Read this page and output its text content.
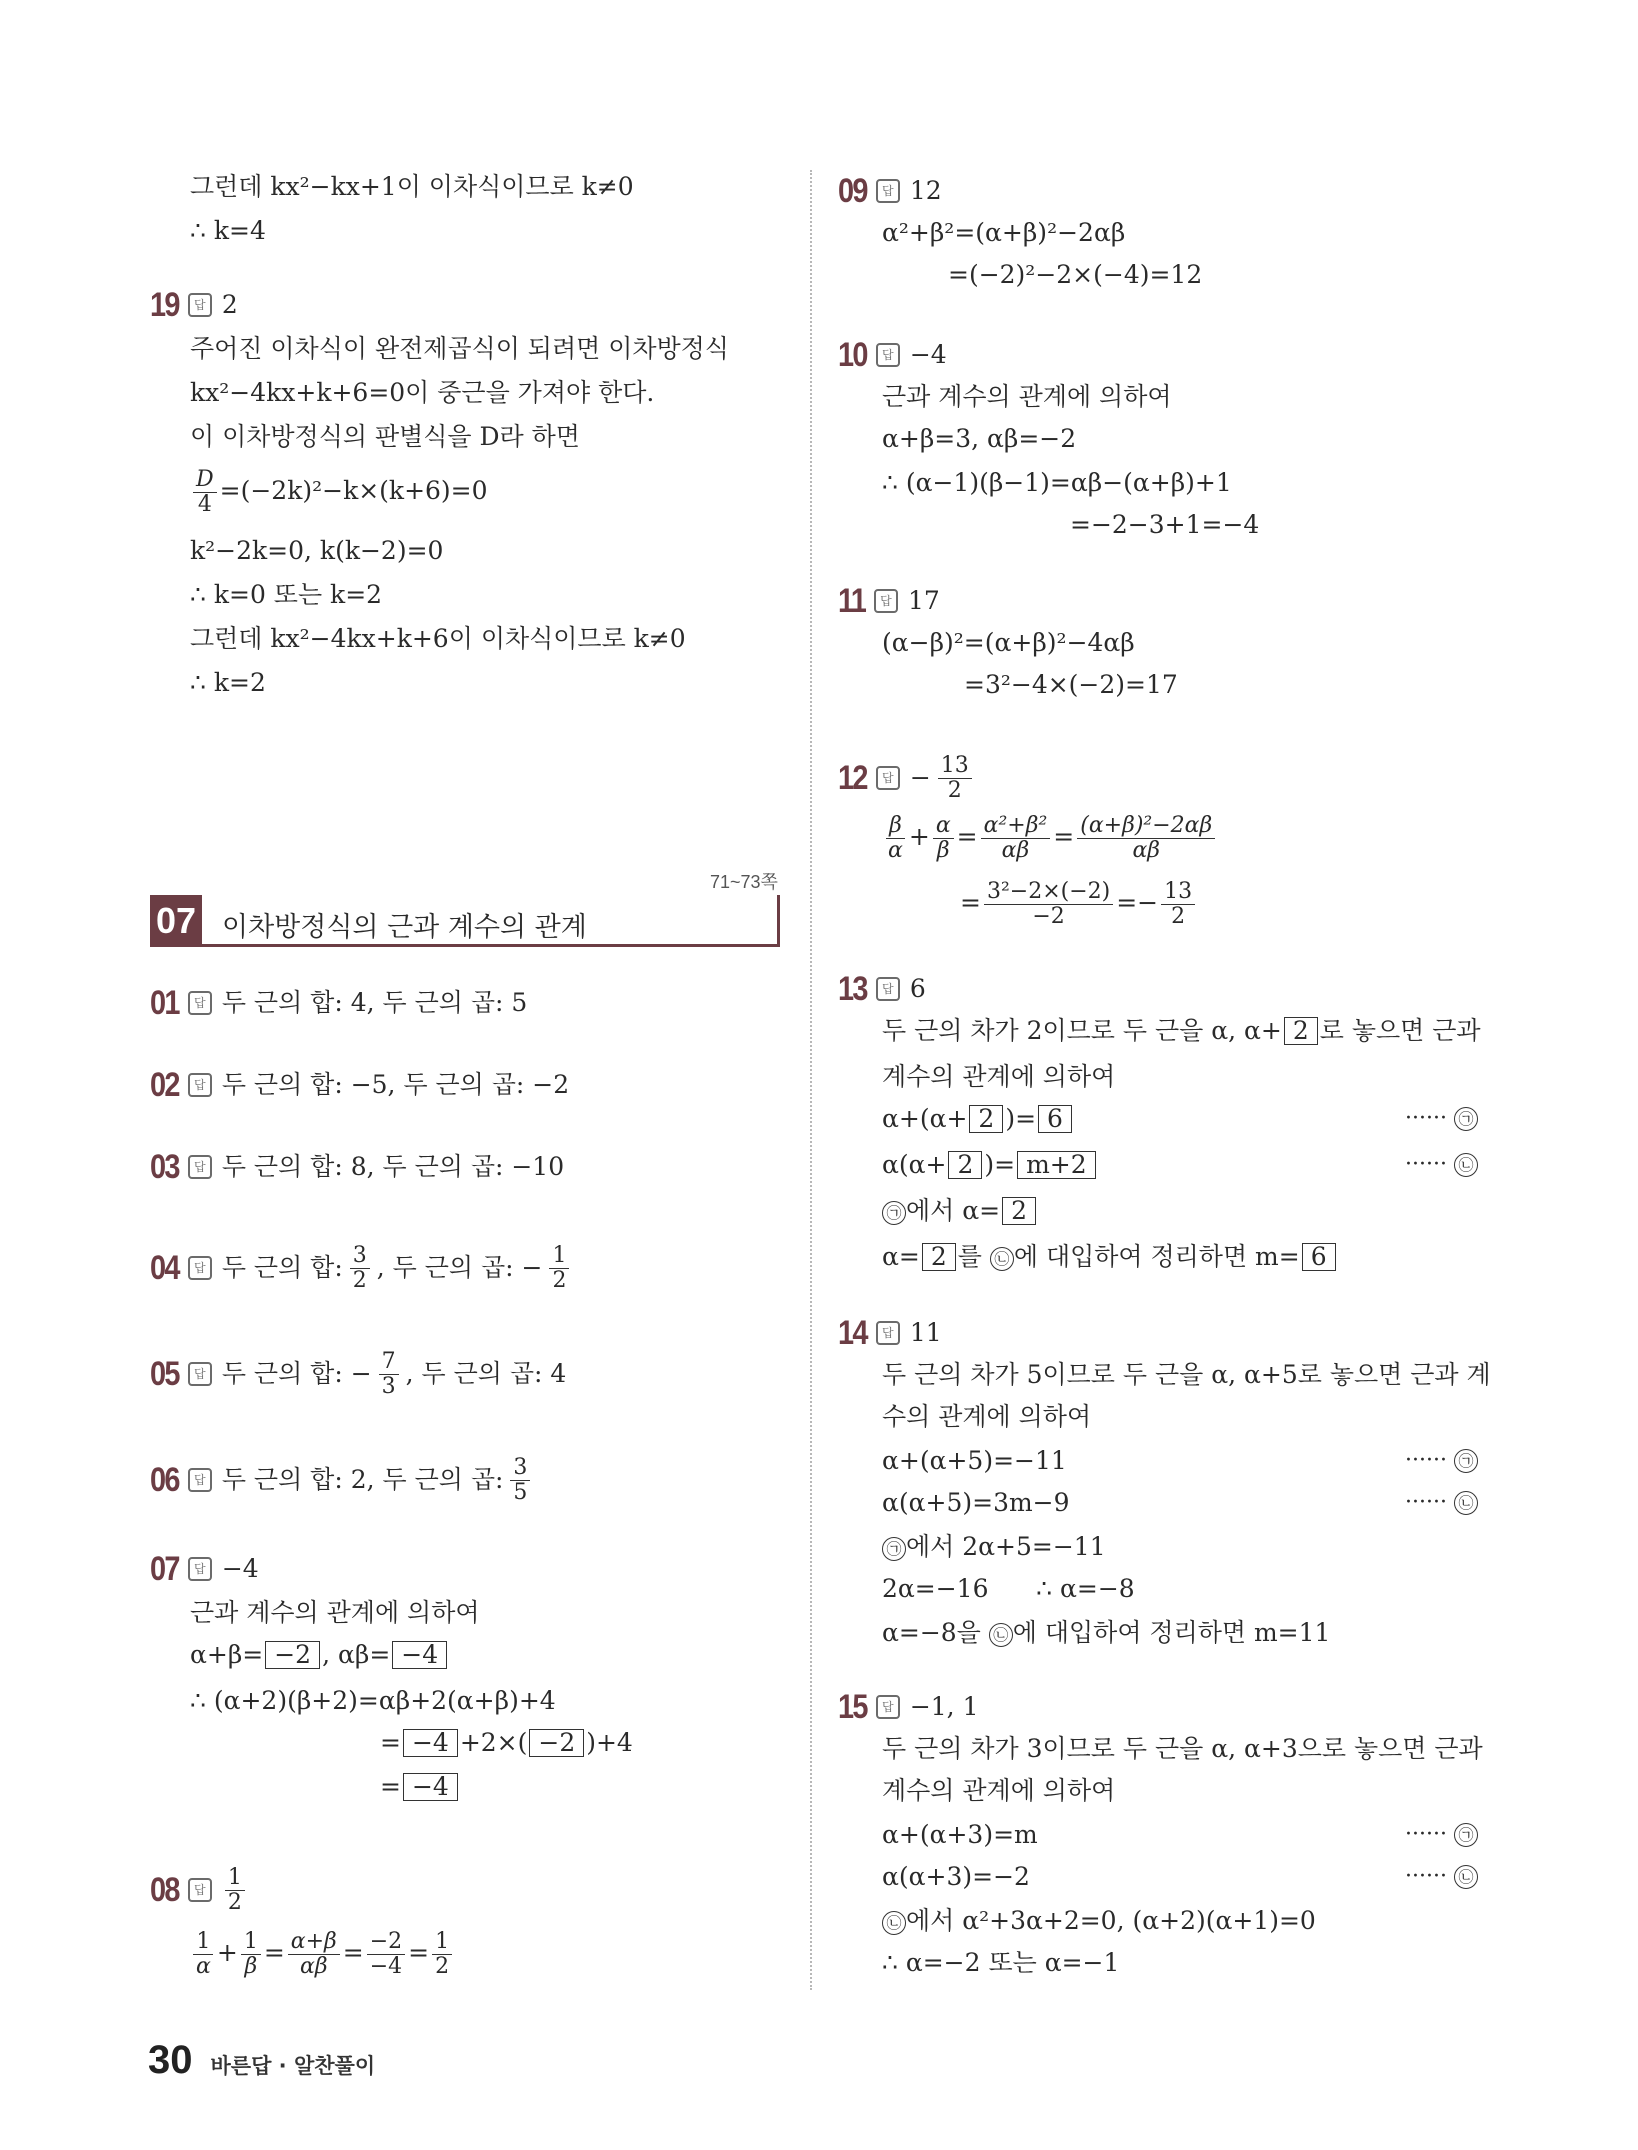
그런데 kx²−kx+1이 이차식이므로 k≠0
∴ k=4
19	답 2
주어진 이차식이 완전제곱식이 되려면 이차방정식
kx²−4kx+k+6=0이 중근을 가져야 한다.
이 이차방정식의 판별식을 D라 하면
$\frac{D}{4} =(-2k)^2-k\times(k+6)=0$
k²−2k=0, k(k−2)=0
∴ k=0 또는 k=2
그런데 kx²−4kx+k+6이 이차식이므로 k≠0
∴ k=2
71~73쪽
07 이차방정식의 근과 계수의 관계
01	답 두 근의 합: 4, 두 근의 곱: 5
02	답 두 근의 합: −5, 두 근의 곱: −2
03	답 두 근의 합: 8, 두 근의 곱: −10
04	답 두 근의 합: $\frac{3}{2}$ , 두 근의 곱: − $\frac{1}{2}$
05	답 두 근의 합: − $\frac{7}{3}$ , 두 근의 곱: 4
06	답 두 근의 합: 2, 두 근의 곱: $\frac{3}{5}$
07	답 −4
근과 계수의 관계에 의하여
α+β= −2 , αβ= −4
∴ (α+2)(β+2)=αβ+2(α+β)+4
= −4 +2×( −2 )+4
= −4
08	답 $\frac{1}{2}$
$\frac{1}{\alpha} + \frac{1}{\beta} = \frac{\alpha+\beta}{\alpha\beta} = \frac{-2}{-4} = \frac{1}{2}$
09	답 12
α²+β²=(α+β)²−2αβ
=(−2)²−2×(−4)=12
10	답 −4
근과 계수의 관계에 의하여
α+β=3, αβ=−2
∴ (α−1)(β−1)=αβ−(α+β)+1
=−2−3+1=−4
11	답 17
(α−β)²=(α+β)²−4αβ
=3²−4×(−2)=17
12	답 − $\frac{13}{2}$
$\frac{\beta}{\alpha} + \frac{\alpha}{\beta} = \frac{\text{α²+β²}}{\alpha\beta} = \frac{\text{(α+β)²−2αβ}}{\alpha\beta}$
= $\frac{\text{3²−2×(−2)}}{-2} =- \frac{13}{2}$
13	답 6
두 근의 차가 2이므로 두 근을 α, α+ 2 로 놓으면 근과
계수의 관계에 의하여
α+(α+ 2 )= 6	······ ㉠
α(α+ 2 )= m+2	······ ㉡
㉠ 에서 α= 2
α= 2 를 ㉡ 에 대입하여 정리하면 m= 6
14	답 11
두 근의 차가 5이므로 두 근을 α, α+5로 놓으면 근과 계
수의 관계에 의하여
α+(α+5)=−11	······ ㉠
α(α+5)=3m−9	······ ㉡
㉠ 에서 2α+5=−11
2α=−16      ∴ α=−8
α=−8을 ㉡ 에 대입하여 정리하면 m=11
15	답 −1, 1
두 근의 차가 3이므로 두 근을 α, α+3으로 놓으면 근과
계수의 관계에 의하여
α+(α+3)=m	······ ㉠
α(α+3)=−2	······ ㉡
㉡ 에서 α²+3α+2=0, (α+2)(α+1)=0
∴ α=−2 또는 α=−1
30 바른답 · 알찬풀이
